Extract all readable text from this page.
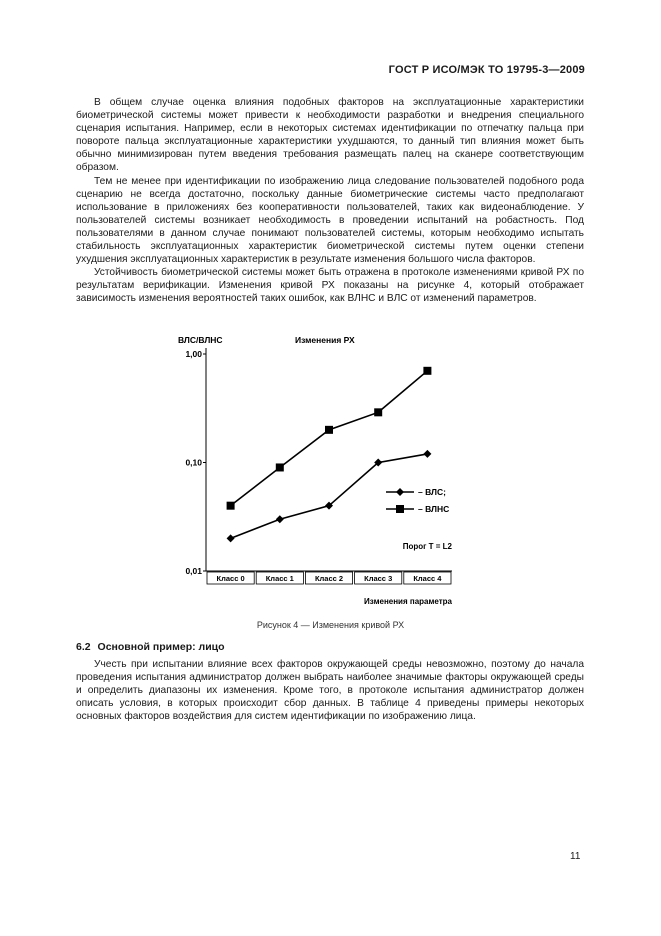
ГОСТ Р ИСО/МЭК ТО 19795-3—2009

В общем случае оценка влияния подобных факторов на эксплуатационные характеристики биометрической системы может привести к необходимости разработки и внедрения специального сценария испытания. Например, если в некоторых системах идентификации по отпечатку пальца при повороте пальца эксплуатационные характеристики ухудшаются, то данный тип влияния может быть обычно минимизирован путем введения требования размещать палец на сканере соответствующим образом.

Тем не менее при идентификации по изображению лица следование пользователей подобного рода сценарию не всегда достаточно, поскольку данные биометрические системы часто предполагают использование в приложениях без кооперативности пользователей, таких как видеонаблюдение. У пользователей системы возникает необходимость в проведении испытаний на робастность. Под пользователями в данном случае понимают пользователей системы, которым необходимо испытать стабильность эксплуатационных характеристик биометрической системы путем оценки степени ухудшения эксплуатационных характеристик в результате изменения большого числа факторов.

Устойчивость биометрической системы может быть отражена в протоколе изменениями кривой РХ по результатам верификации. Изменения кривой РХ показаны на рисунке 4, который отображает зависимость изменения вероятностей таких ошибок, как ВЛНС и ВЛС от изменений параметров.

0,01
0,10
1,00
Класс 0	Класс 1	Класс 2	Класс 3	Класс 4
– ВЛС;
– ВЛНС
ВЛС/ВЛНС	Изменения РХ
Изменения параметра
Порог Т = L2
Рисунок 4 — Изменения кривой РХ
6.2 Основной пример: лицо

Учесть при испытании влияние всех факторов окружающей среды невозможно, поэтому до начала проведения испытания администратор должен выбрать наиболее значимые факторы окружающей среды и определить диапазоны их изменения. Кроме того, в протоколе испытания администратор должен описать условия, в которых происходит сбор данных. В таблице 4 приведены примеры некоторых основных факторов воздействия для систем идентификации по изображению лица.

11
